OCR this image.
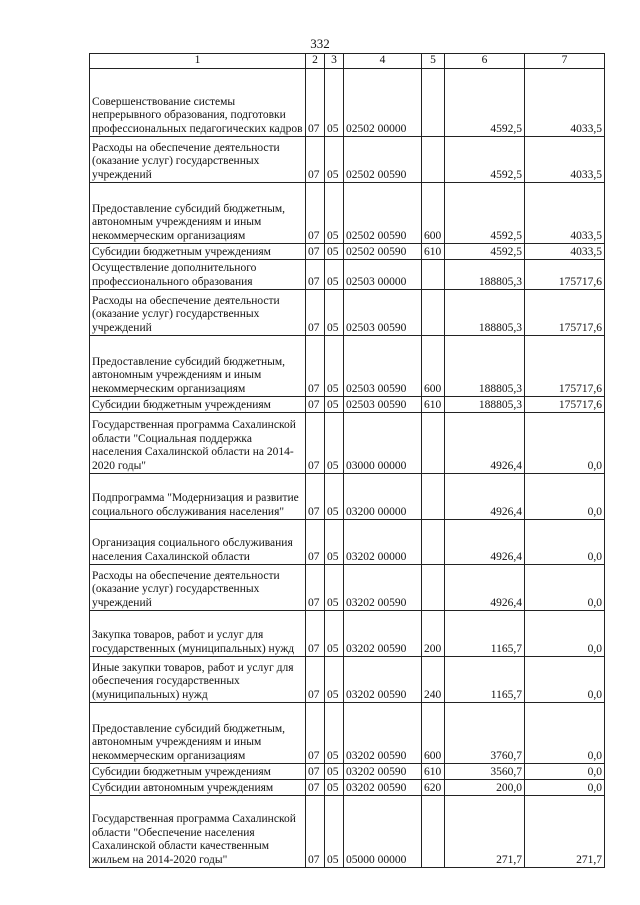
332
1	2	3	4	5	6	7
Совершенствование системы непрерывного образования, подготовки профессиональных педагогических кадров	07	05	02502 00000		4592,5	4033,5
Расходы на обеспечение деятельности (оказание услуг) государственных учреждений	07	05	02502 00590		4592,5	4033,5
Предоставление субсидий бюджетным, автономным учреждениям и иным некоммерческим организациям	07	05	02502 00590	600	4592,5	4033,5
Субсидии бюджетным учреждениям	07	05	02502 00590	610	4592,5	4033,5
Осуществление дополнительного профессионального образования	07	05	02503 00000		188805,3	175717,6
Расходы на обеспечение деятельности (оказание услуг) государственных учреждений	07	05	02503 00590		188805,3	175717,6
Предоставление субсидий бюджетным, автономным учреждениям и иным некоммерческим организациям	07	05	02503 00590	600	188805,3	175717,6
Субсидии бюджетным учреждениям	07	05	02503 00590	610	188805,3	175717,6
Государственная программа Сахалинской области "Социальная поддержка населения Сахалинской области на 2014-2020 годы"	07	05	03000 00000		4926,4	0,0
Подпрограмма "Модернизация и развитие социального обслуживания населения"	07	05	03200 00000		4926,4	0,0
Организация социального обслуживания населения Сахалинской области	07	05	03202 00000		4926,4	0,0
Расходы на обеспечение деятельности (оказание услуг) государственных учреждений	07	05	03202 00590		4926,4	0,0
Закупка товаров, работ и услуг для государственных (муниципальных) нужд	07	05	03202 00590	200	1165,7	0,0
Иные закупки товаров, работ и услуг для обеспечения государственных (муниципальных) нужд	07	05	03202 00590	240	1165,7	0,0
Предоставление субсидий бюджетным, автономным учреждениям и иным некоммерческим организациям	07	05	03202 00590	600	3760,7	0,0
Субсидии бюджетным учреждениям	07	05	03202 00590	610	3560,7	0,0
Субсидии автономным учреждениям	07	05	03202 00590	620	200,0	0,0
Государственная программа Сахалинской области "Обеспечение населения Сахалинской области качественным жильем на 2014-2020 годы"	07	05	05000 00000		271,7	271,7
